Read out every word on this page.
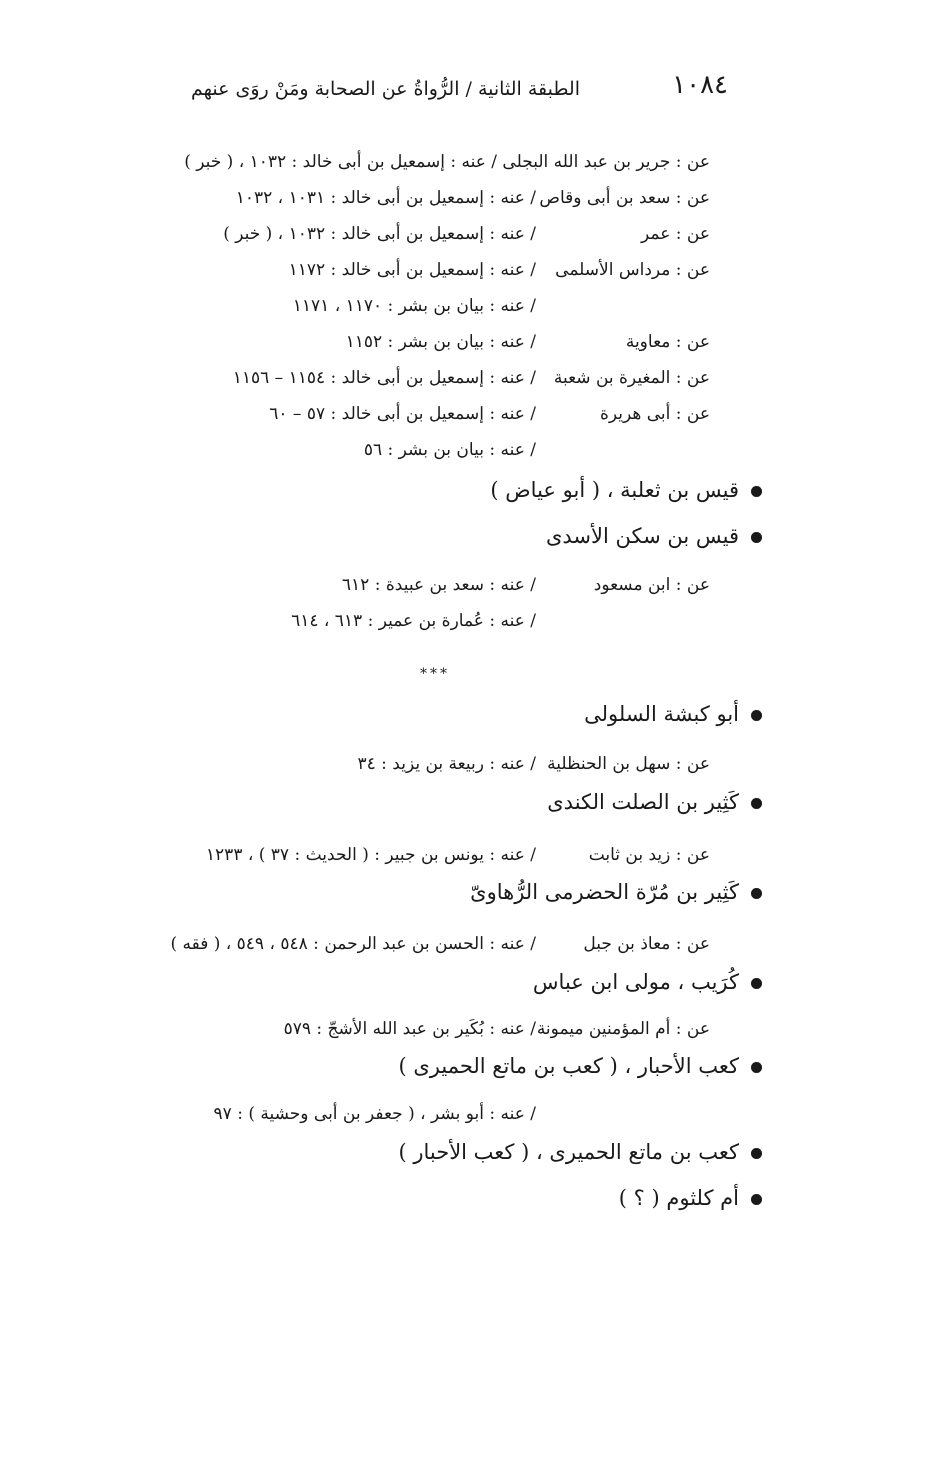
١٠٨٤
الطبقة الثانية / الرُّواةُ عن الصحابة ومَنْ روَى عنهم
عن : جرير بن عبد الله البجلى / عنه : إسمعيل بن أبى خالد : ١٠٣٢ ، ( خبر )
عن : سعد بن أبى وقاص
/ عنه : إسمعيل بن أبى خالد : ١٠٣١ ، ١٠٣٢
عن : عمر
/ عنه : إسمعيل بن أبى خالد : ١٠٣٢ ، ( خبر )
عن : مرداس الأسلمى
/ عنه : إسمعيل بن أبى خالد : ١١٧٢
/ عنه : بيان بن بشر : ١١٧٠ ، ١١٧١
عن : معاوية
/ عنه : بيان بن بشر : ١١٥٢
عن : المغيرة بن شعبة
/ عنه : إسمعيل بن أبى خالد : ١١٥٤ – ١١٥٦
عن : أبى هريرة
/ عنه : إسمعيل بن أبى خالد : ٥٧ – ٦٠
/ عنه : بيان بن بشر : ٥٦
قيس بن ثعلبة ، ( أبو عياض )
قيس بن سكن الأسدى
عن : ابن مسعود
/ عنه : سعد بن عبيدة : ٦١٢
/ عنه : عُمارة بن عمير : ٦١٣ ، ٦١٤
***
أبو كبشة السلولى
عن : سهل بن الحنظلية
/ عنه : ربيعة بن يزيد : ٣٤
كَثِير بن الصلت الكندى
عن : زيد بن ثابت
/ عنه : يونس بن جبير : ( الحديث : ٣٧ ) ، ١٢٣٣
كَثِير بن مُرّة الحضرمى الرُّهاوىّ
عن : معاذ بن جبل
/ عنه : الحسن بن عبد الرحمن : ٥٤٨ ، ٥٤٩ ، ( فقه )
كُرَيب ، مولى ابن عباس
عن : أم المؤمنين ميمونة
/ عنه : بُكَير بن عبد الله الأشجّ : ٥٧٩
كعب الأحبار ، ( كعب بن ماتع الحميرى )
/ عنه : أبو بشر ، ( جعفر بن أبى وحشية ) : ٩٧
كعب بن ماتع الحميرى ، ( كعب الأحبار )
أم كلثوم ( ؟ )
